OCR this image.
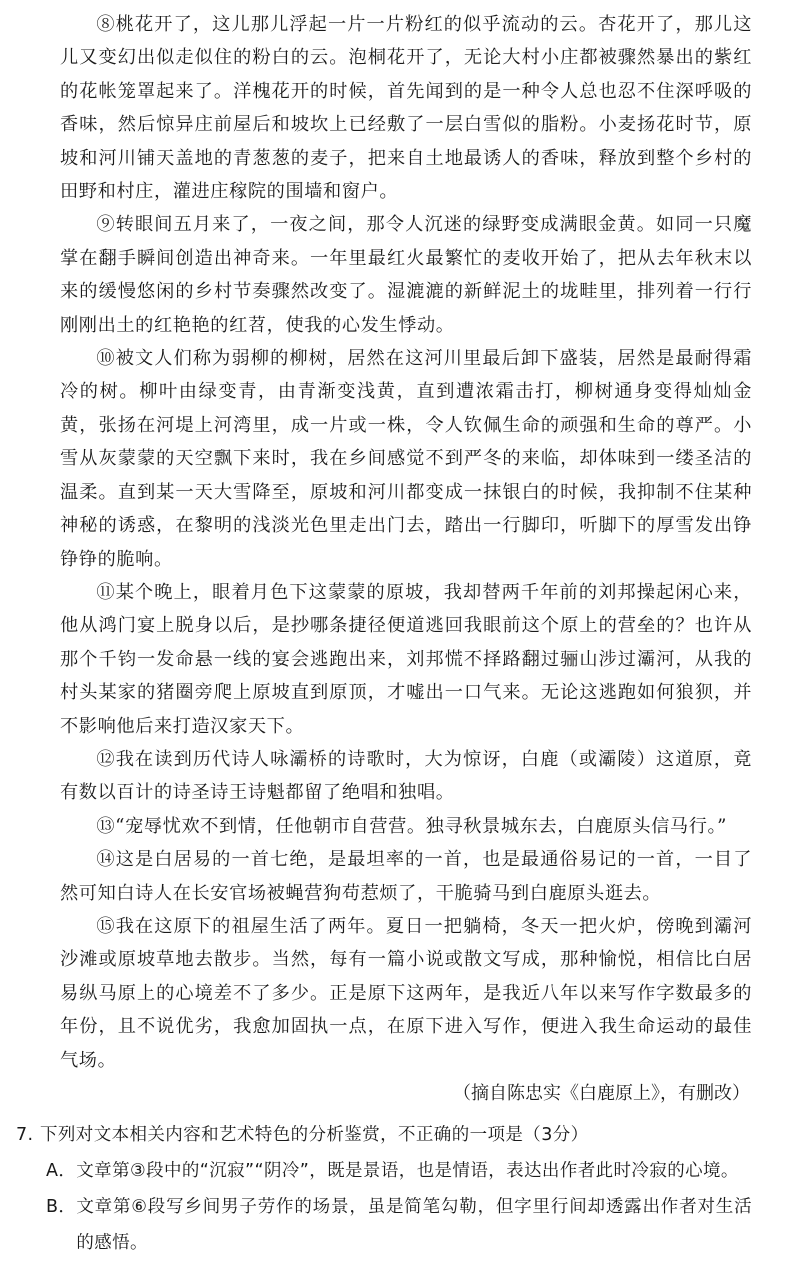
⑧桃花开了，这儿那儿浮起一片一片粉红的似乎流动的云。杏花开了，那儿这儿又变幻出似走似住的粉白的云。泡桐花开了，无论大村小庄都被骤然暴出的紫红的花帐笼罩起来了。洋槐花开的时候，首先闻到的是一种令人总也忍不住深呼吸的香味，然后惊异庄前屋后和坡坎上已经敷了一层白雪似的脂粉。小麦扬花时节，原坡和河川铺天盖地的青葱葱的麦子，把来自土地最诱人的香味，释放到整个乡村的田野和村庄，灌进庄稼院的围墙和窗户。

⑨转眼间五月来了，一夜之间，那令人沉迷的绿野变成满眼金黄。如同一只魔掌在翻手瞬间创造出神奇来。一年里最红火最繁忙的麦收开始了，把从去年秋末以来的缓慢悠闲的乡村节奏骤然改变了。湿漉漉的新鲜泥土的垅畦里，排列着一行行刚刚出土的红艳艳的红苕，使我的心发生悸动。

⑩被文人们称为弱柳的柳树，居然在这河川里最后卸下盛装，居然是最耐得霜冷的树。柳叶由绿变青，由青渐变浅黄，直到遭浓霜击打，柳树通身变得灿灿金黄，张扬在河堤上河湾里，成一片或一株，令人钦佩生命的顽强和生命的尊严。小雪从灰蒙蒙的天空飘下来时，我在乡间感觉不到严冬的来临，却体味到一缕圣洁的温柔。直到某一天大雪降至，原坡和河川都变成一抹银白的时候，我抑制不住某种神秘的诱惑，在黎明的浅淡光色里走出门去，踏出一行脚印，听脚下的厚雪发出铮铮铮的脆响。

⑪某个晚上，眼着月色下这蒙蒙的原坡，我却替两千年前的刘邦操起闲心来，他从鸿门宴上脱身以后，是抄哪条捷径便道逃回我眼前这个原上的营垒的？也许从那个千钧一发命悬一线的宴会逃跑出来，刘邦慌不择路翻过骊山涉过灞河，从我的村头某家的猪圈旁爬上原坡直到原顶，才嘘出一口气来。无论这逃跑如何狼狈，并不影响他后来打造汉家天下。

⑫我在读到历代诗人咏灞桥的诗歌时，大为惊讶，白鹿（或灞陵）这道原，竟有数以百计的诗圣诗王诗魁都留了绝唱和独唱。

⑬“宠辱忧欢不到情，任他朝市自营营。独寻秋景城东去，白鹿原头信马行。”

⑭这是白居易的一首七绝，是最坦率的一首，也是最通俗易记的一首，一目了然可知白诗人在长安官场被蝇营狗苟惹烦了，干脆骑马到白鹿原头逛去。

⑮我在这原下的祖屋生活了两年。夏日一把躺椅，冬天一把火炉，傍晚到灞河沙滩或原坡草地去散步。当然，每有一篇小说或散文写成，那种愉悦，相信比白居易纵马原上的心境差不了多少。正是原下这两年，是我近八年以来写作字数最多的年份，且不说优劣，我愈加固执一点，在原下进入写作，便进入我生命运动的最佳气场。

（摘自陈忠实《白鹿原上》，有删改）

7. 下列对文本相关内容和艺术特色的分析鉴赏，不正确的一项是（3分）

A． 文章第③段中的“沉寂”“阴冷”，既是景语，也是情语，表达出作者此时冷寂的心境。
B． 文章第⑥段写乡间男子劳作的场景，虽是简笔勾勒，但字里行间却透露出作者对生活的感悟。
